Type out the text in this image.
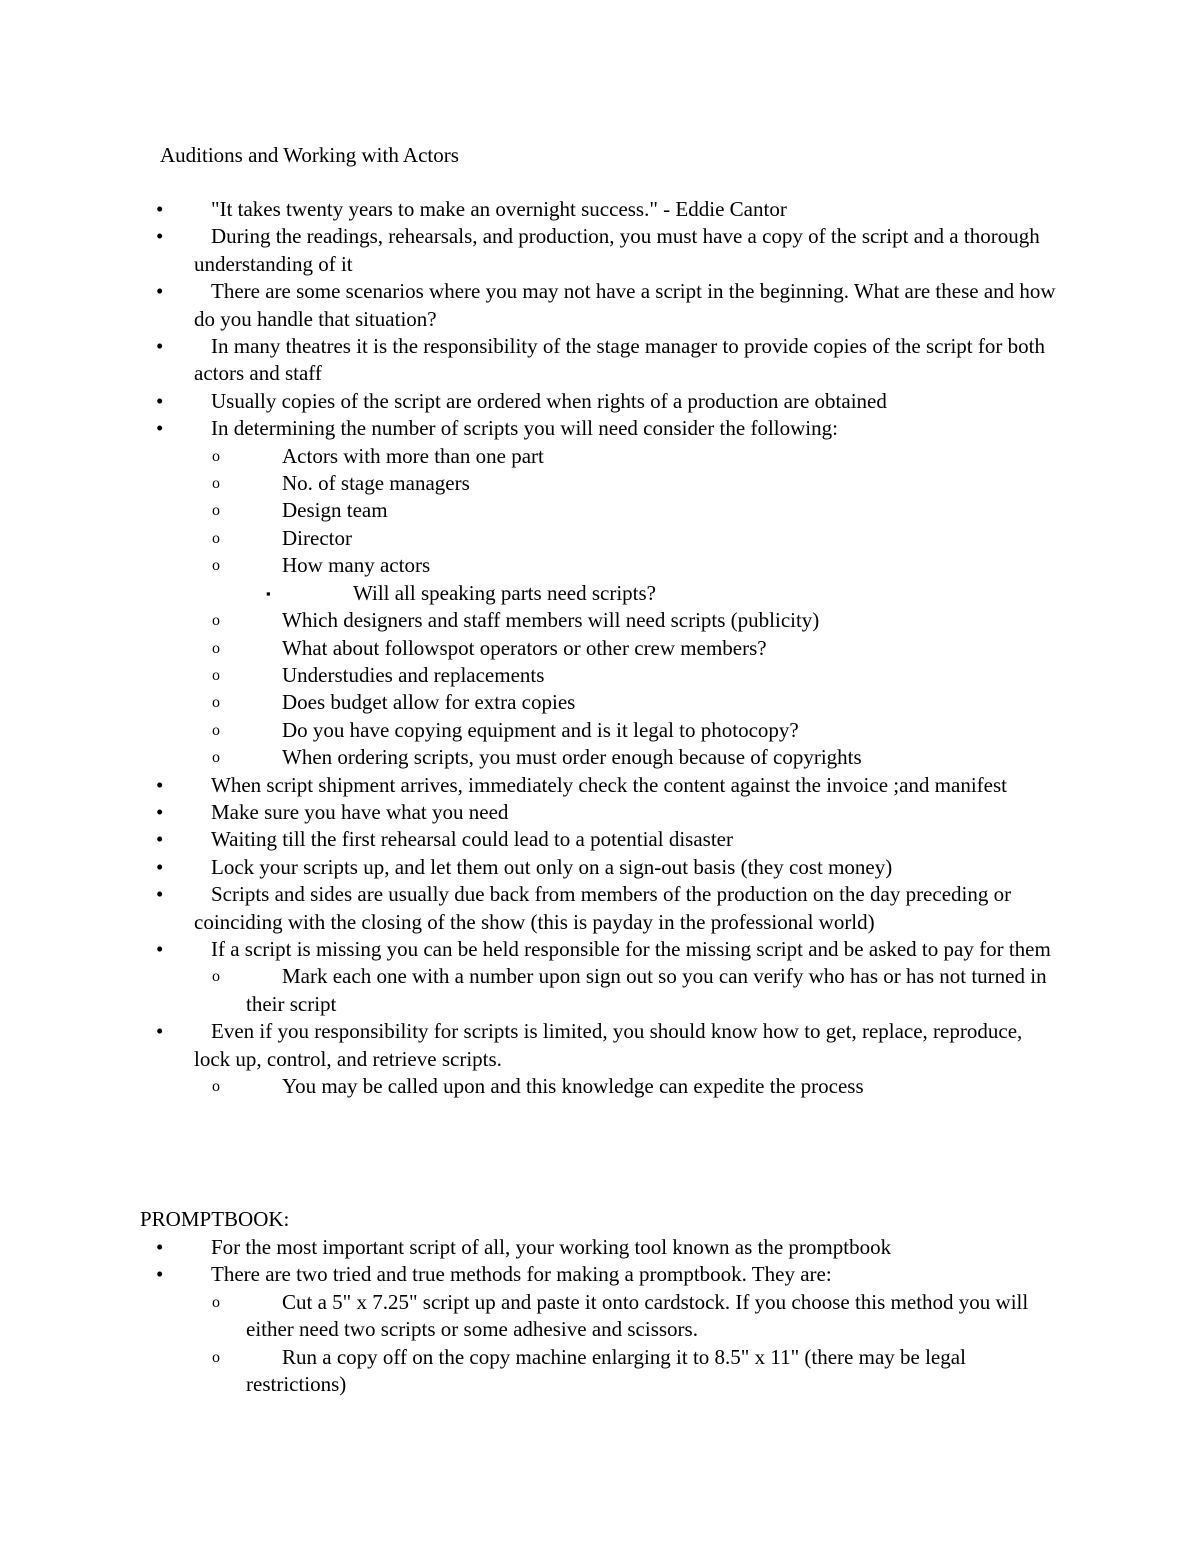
Auditions and Working with Actors
• "It takes twenty years to make an overnight success." - Eddie Cantor
• During the readings, rehearsals, and production, you must have a copy of the script and a thorough understanding of it
• There are some scenarios where you may not have a script in the beginning. What are these and how do you handle that situation?
• In many theatres it is the responsibility of the stage manager to provide copies of the script for both actors and staff
• Usually copies of the script are ordered when rights of a production are obtained
• In determining the number of scripts you will need consider the following:
o	Actors with more than one part
o	No. of stage managers
o	Design team
o	Director
o	How many actors
▪	Will all speaking parts need scripts?
o	Which designers and staff members will need scripts (publicity)
o	What about followspot operators or other crew members?
o	Understudies and replacements
o	Does budget allow for extra copies
o	Do you have copying equipment and is it legal to photocopy?
o	When ordering scripts, you must order enough because of copyrights
• When script shipment arrives, immediately check the content against the invoice ;and manifest
• Make sure you have what you need
• Waiting till the first rehearsal could lead to a potential disaster
• Lock your scripts up, and let them out only on a sign-out basis (they cost money)
• Scripts and sides are usually due back from members of the production on the day preceding or coinciding with the closing of the show (this is payday in the professional world)
• If a script is missing you can be held responsible for the missing script and be asked to pay for them
o	Mark each one with a number upon sign out so you can verify who has or has not turned in their script
• Even if you responsibility for scripts is limited, you should know how to get, replace, reproduce, lock up, control, and retrieve scripts.
o	You may be called upon and this knowledge can expedite the process
PROMPTBOOK:
• For the most important script of all, your working tool known as the promptbook
• There are two tried and true methods for making a promptbook. They are:
o	Cut a 5" x 7.25" script up and paste it onto cardstock. If you choose this method you will either need two scripts or some adhesive and scissors.
o	Run a copy off on the copy machine enlarging it to 8.5" x 11" (there may be legal restrictions)
